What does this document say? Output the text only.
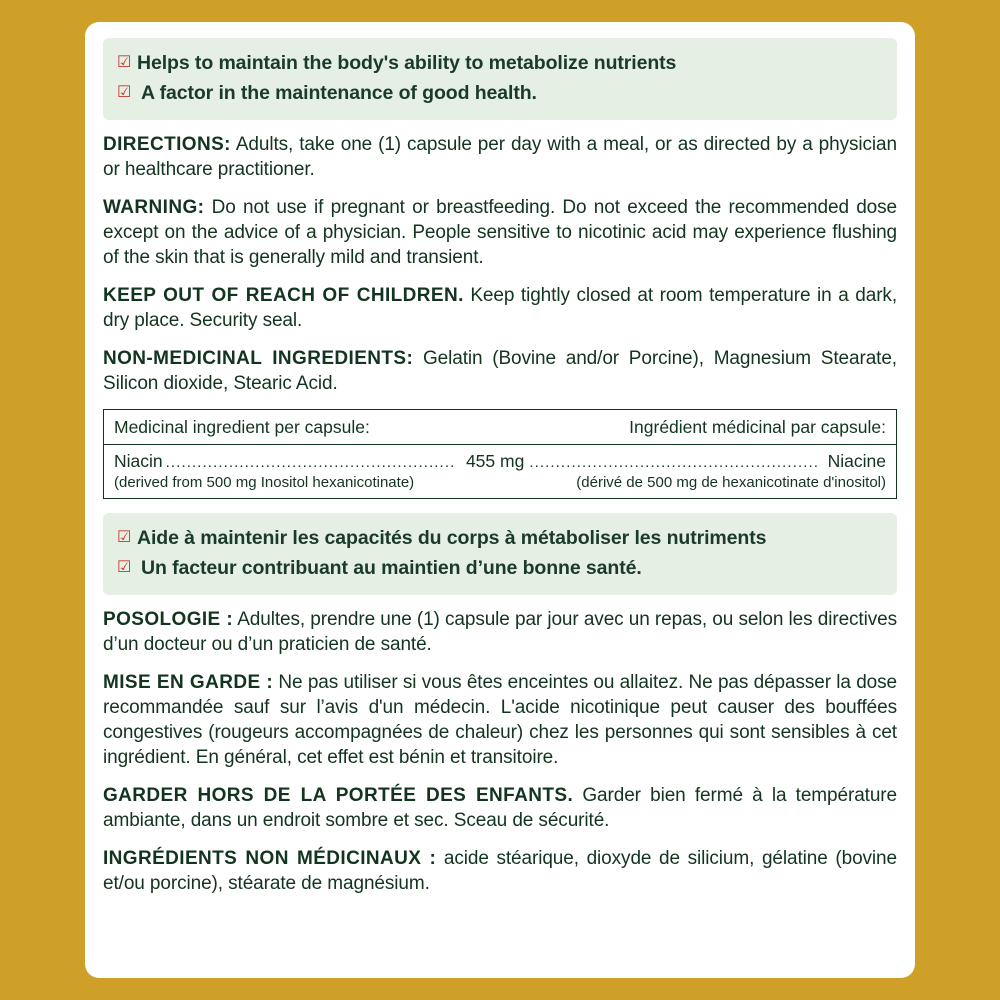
☑ Helps to maintain the body's ability to metabolize nutrients
☑ A factor in the maintenance of good health.

DIRECTIONS: Adults, take one (1) capsule per day with a meal, or as directed by a physician or healthcare practitioner.

WARNING: Do not use if pregnant or breastfeeding. Do not exceed the recommended dose except on the advice of a physician. People sensitive to nicotinic acid may experience flushing of the skin that is generally mild and transient.

KEEP OUT OF REACH OF CHILDREN. Keep tightly closed at room temperature in a dark, dry place. Security seal.

NON-MEDICINAL INGREDIENTS: Gelatin (Bovine and/or Porcine), Magnesium Stearate, Silicon dioxide, Stearic Acid.

Medicinal ingredient per capsule:	Ingrédient médicinal par capsule:
Niacin ....................................................... 455 mg ....................................................... Niacine
(derived from 500 mg Inositol hexanicotinate)	(dérivé de 500 mg de hexanicotinate d'inositol)
☑ Aide à maintenir les capacités du corps à métaboliser les nutriments
☑ Un facteur contribuant au maintien d’une bonne santé.

POSOLOGIE : Adultes, prendre une (1) capsule par jour avec un repas, ou selon les directives d’un docteur ou d’un praticien de santé.

MISE EN GARDE : Ne pas utiliser si vous êtes enceintes ou allaitez. Ne pas dépasser la dose recommandée sauf sur l’avis d'un médecin. L'acide nicotinique peut causer des bouffées congestives (rougeurs accompagnées de chaleur) chez les personnes qui sont sensibles à cet ingrédient. En général, cet effet est bénin et transitoire.

GARDER HORS DE LA PORTÉE DES ENFANTS. Garder bien fermé à la température ambiante, dans un endroit sombre et sec. Sceau de sécurité.

INGRÉDIENTS NON MÉDICINAUX : acide stéarique, dioxyde de silicium, gélatine (bovine et/ou porcine), stéarate de magnésium.
